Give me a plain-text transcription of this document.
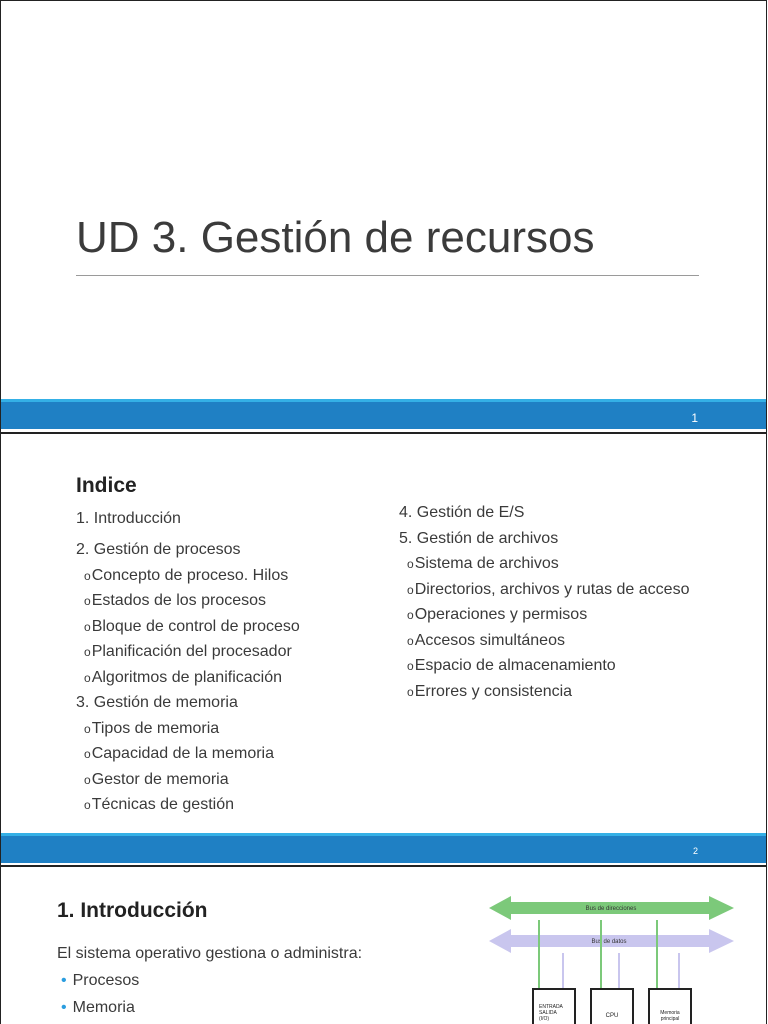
UD 3. Gestión de recursos
1
Indice
1. Introducción
2. Gestión de procesos
oConcepto de proceso. Hilos
oEstados de los procesos
oBloque de control de proceso
oPlanificación del procesador
oAlgoritmos de planificación
3. Gestión de memoria
oTipos de memoria
oCapacidad de la memoria
oGestor de memoria
oTécnicas de gestión
4. Gestión de E/S
5. Gestión de archivos
oSistema de archivos
oDirectorios, archivos y rutas de acceso
oOperaciones y permisos
oAccesos simultáneos
oEspacio de almacenamiento
oErrores y consistencia
2
1. Introducción
El sistema operativo gestiona o administra:
• Procesos
• Memoria
Bus de direcciones
Bus de datos
ENTRADA SALIDA (I/O)	CPU	Memoria principal
